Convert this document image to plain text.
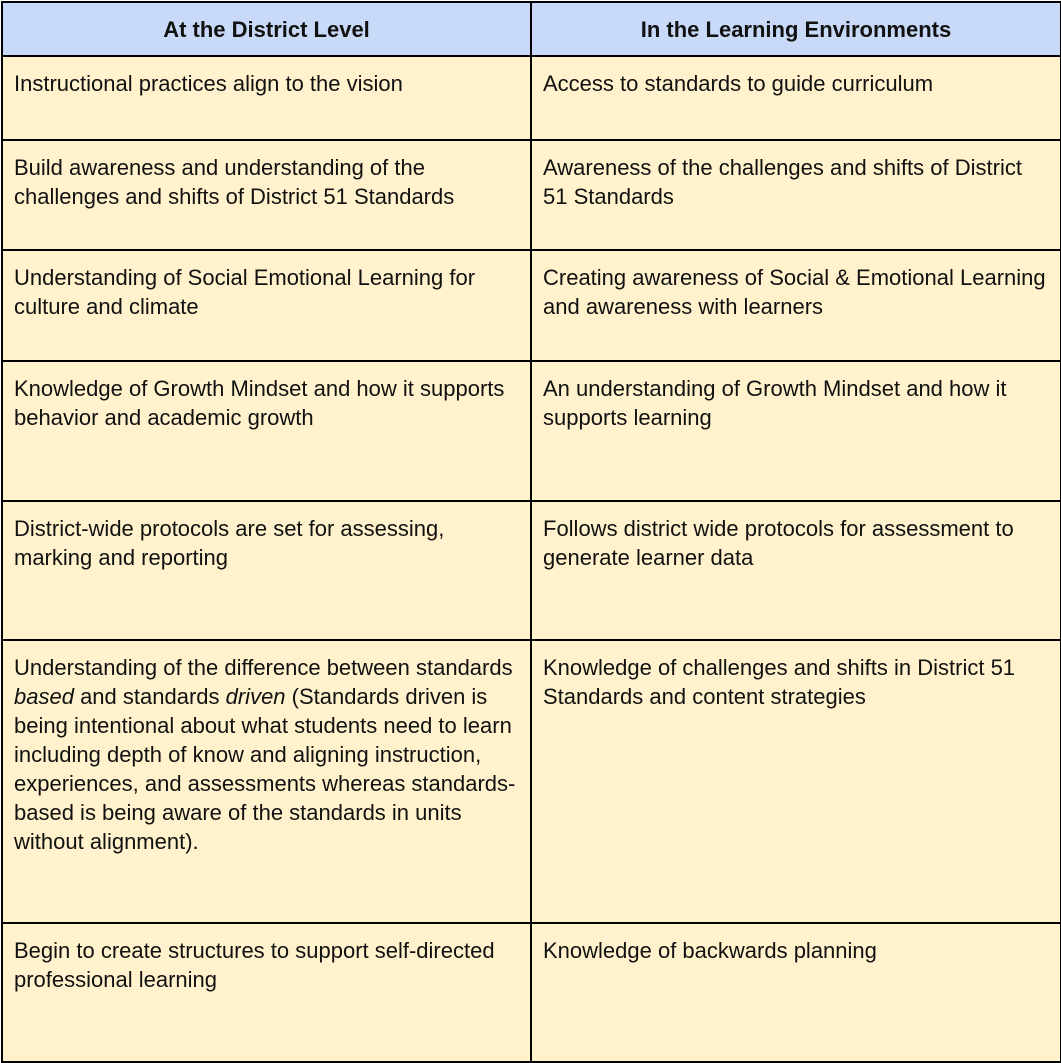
At the District Level	In the Learning Environments
Instructional practices align to the vision	Access to standards to guide curriculum
Build awareness and understanding of the challenges and shifts of District 51 Standards	Awareness of the challenges and shifts of District 51 Standards
Understanding of Social Emotional Learning for culture and climate	Creating awareness of Social & Emotional Learning and awareness with learners
Knowledge of Growth Mindset and how it supports behavior and academic growth	An understanding of Growth Mindset and how it supports learning
District-wide protocols are set for assessing, marking and reporting	Follows district wide protocols for assessment to generate learner data
Understanding of the difference between standards based and standards driven (Standards driven is being intentional about what students need to learn including depth of know and aligning instruction, experiences, and assessments whereas standards-based is being aware of the standards in units without alignment).	Knowledge of challenges and shifts in District 51 Standards and content strategies
Begin to create structures to support self-directed professional learning	Knowledge of backwards planning
